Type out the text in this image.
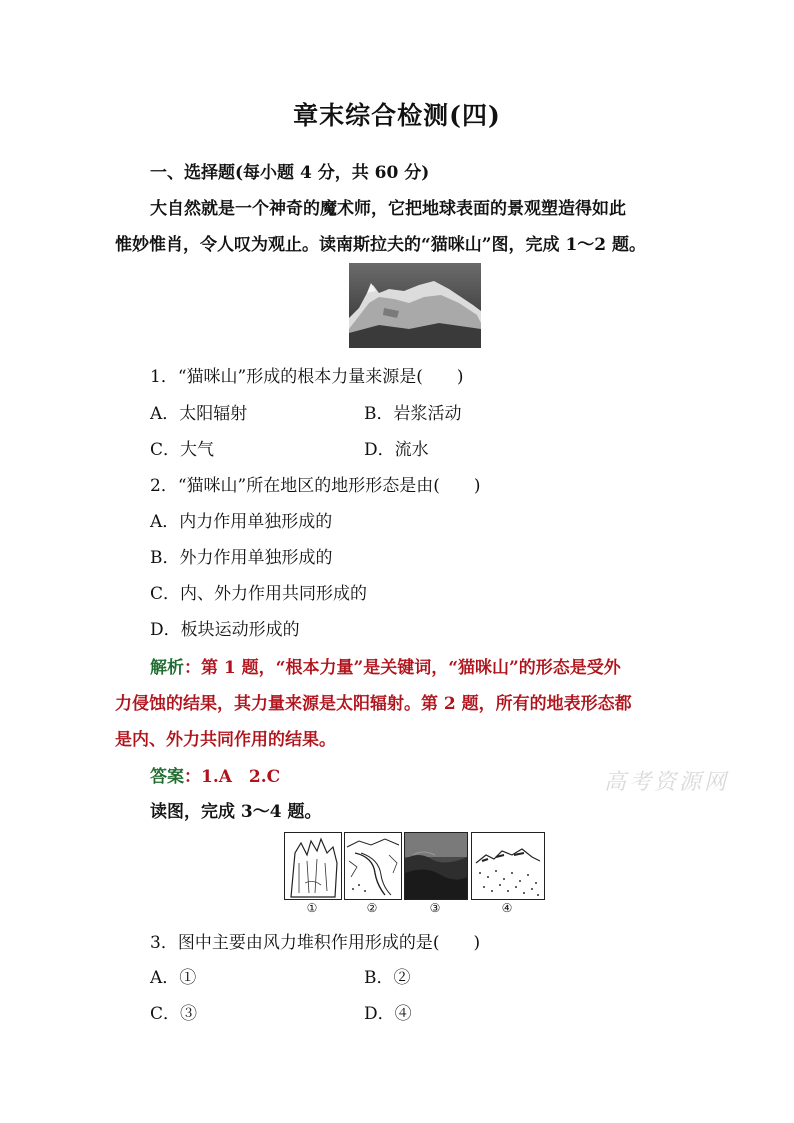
章末综合检测(四)
一、选择题(每小题 4 分，共 60 分)
大自然就是一个神奇的魔术师，它把地球表面的景观塑造得如此
惟妙惟肖，令人叹为观止。读南斯拉夫的“猫咪山”图，完成 1～2 题。
1．“猫咪山”形成的根本力量来源是(　　)
A．太阳辐射	B．岩浆活动
C．大气	D．流水
2．“猫咪山”所在地区的地形形态是由(　　)
A．内力作用单独形成的
B．外力作用单独形成的
C．内、外力作用共同形成的
D．板块运动形成的
解析：第 1 题，“根本力量”是关键词，“猫咪山”的形态是受外
力侵蚀的结果，其力量来源是太阳辐射。第 2 题，所有的地表形态都
是内、外力共同作用的结果。
答案：1.A　2.C	高考资源网
读图，完成 3～4 题。
①	②	③	④
3．图中主要由风力堆积作用形成的是(　　)
A．①	B．②
C．③	D．④
